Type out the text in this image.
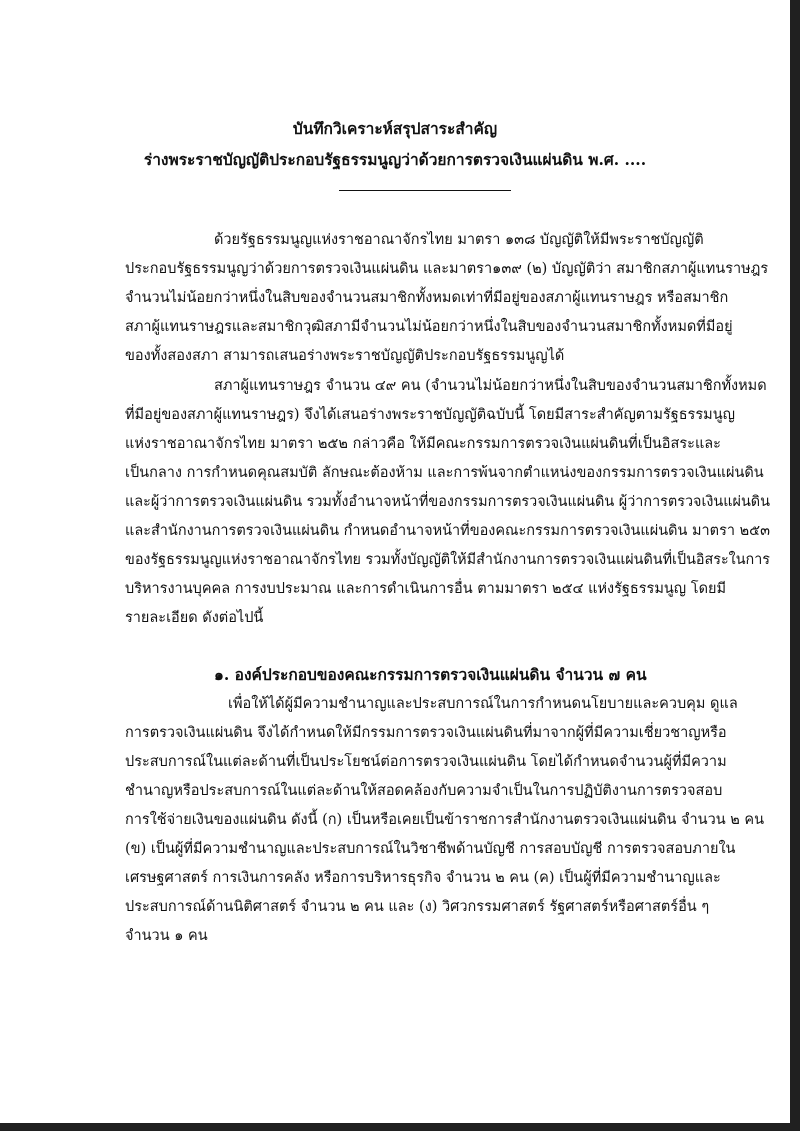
บันทึกวิเคราะห์สรุปสาระสำคัญ
ร่างพระราชบัญญัติประกอบรัฐธรรมนูญว่าด้วยการตรวจเงินแผ่นดิน พ.ศ. ....
ด้วยรัฐธรรมนูญแห่งราชอาณาจักรไทย มาตรา ๑๓๘ บัญญัติให้มีพระราชบัญญัติ
ประกอบรัฐธรรมนูญว่าด้วยการตรวจเงินแผ่นดิน และมาตรา๑๓๙ (๒) บัญญัติว่า สมาชิกสภาผู้แทนราษฎร
จำนวนไม่น้อยกว่าหนึ่งในสิบของจำนวนสมาชิกทั้งหมดเท่าที่มีอยู่ของสภาผู้แทนราษฎร หรือสมาชิก
สภาผู้แทนราษฎรและสมาชิกวุฒิสภามีจำนวนไม่น้อยกว่าหนึ่งในสิบของจำนวนสมาชิกทั้งหมดที่มีอยู่
ของทั้งสองสภา สามารถเสนอร่างพระราชบัญญัติประกอบรัฐธรรมนูญได้
สภาผู้แทนราษฎร จำนวน ๔๙ คน (จำนวนไม่น้อยกว่าหนึ่งในสิบของจำนวนสมาชิกทั้งหมด
ที่มีอยู่ของสภาผู้แทนราษฎร) จึงได้เสนอร่างพระราชบัญญัติฉบับนี้ โดยมีสาระสำคัญตามรัฐธรรมนูญ
แห่งราชอาณาจักรไทย มาตรา ๒๕๒ กล่าวคือ ให้มีคณะกรรมการตรวจเงินแผ่นดินที่เป็นอิสระและ
เป็นกลาง การกำหนดคุณสมบัติ ลักษณะต้องห้าม และการพ้นจากตำแหน่งของกรรมการตรวจเงินแผ่นดิน
และผู้ว่าการตรวจเงินแผ่นดิน รวมทั้งอำนาจหน้าที่ของกรรมการตรวจเงินแผ่นดิน ผู้ว่าการตรวจเงินแผ่นดิน
และสำนักงานการตรวจเงินแผ่นดิน กำหนดอำนาจหน้าที่ของคณะกรรมการตรวจเงินแผ่นดิน มาตรา ๒๕๓
ของรัฐธรรมนูญแห่งราชอาณาจักรไทย รวมทั้งบัญญัติให้มีสำนักงานการตรวจเงินแผ่นดินที่เป็นอิสระในการ
บริหารงานบุคคล การงบประมาณ และการดำเนินการอื่น ตามมาตรา ๒๕๔ แห่งรัฐธรรมนูญ โดยมี
รายละเอียด ดังต่อไปนี้
๑. องค์ประกอบของคณะกรรมการตรวจเงินแผ่นดิน จำนวน ๗ คน
เพื่อให้ได้ผู้มีความชำนาญและประสบการณ์ในการกำหนดนโยบายและควบคุม ดูแล
การตรวจเงินแผ่นดิน จึงได้กำหนดให้มีกรรมการตรวจเงินแผ่นดินที่มาจากผู้ที่มีความเชี่ยวชาญหรือ
ประสบการณ์ในแต่ละด้านที่เป็นประโยชน์ต่อการตรวจเงินแผ่นดิน โดยได้กำหนดจำนวนผู้ที่มีความ
ชำนาญหรือประสบการณ์ในแต่ละด้านให้สอดคล้องกับความจำเป็นในการปฏิบัติงานการตรวจสอบ
การใช้จ่ายเงินของแผ่นดิน ดังนี้ (ก) เป็นหรือเคยเป็นข้าราชการสำนักงานตรวจเงินแผ่นดิน จำนวน ๒ คน
(ข) เป็นผู้ที่มีความชำนาญและประสบการณ์ในวิชาชีพด้านบัญชี การสอบบัญชี การตรวจสอบภายใน
เศรษฐศาสตร์ การเงินการคลัง หรือการบริหารธุรกิจ จำนวน ๒ คน (ค) เป็นผู้ที่มีความชำนาญและ
ประสบการณ์ด้านนิติศาสตร์ จำนวน ๒ คน และ (ง) วิศวกรรมศาสตร์ รัฐศาสตร์หรือศาสตร์อื่น ๆ
จำนวน ๑ คน
